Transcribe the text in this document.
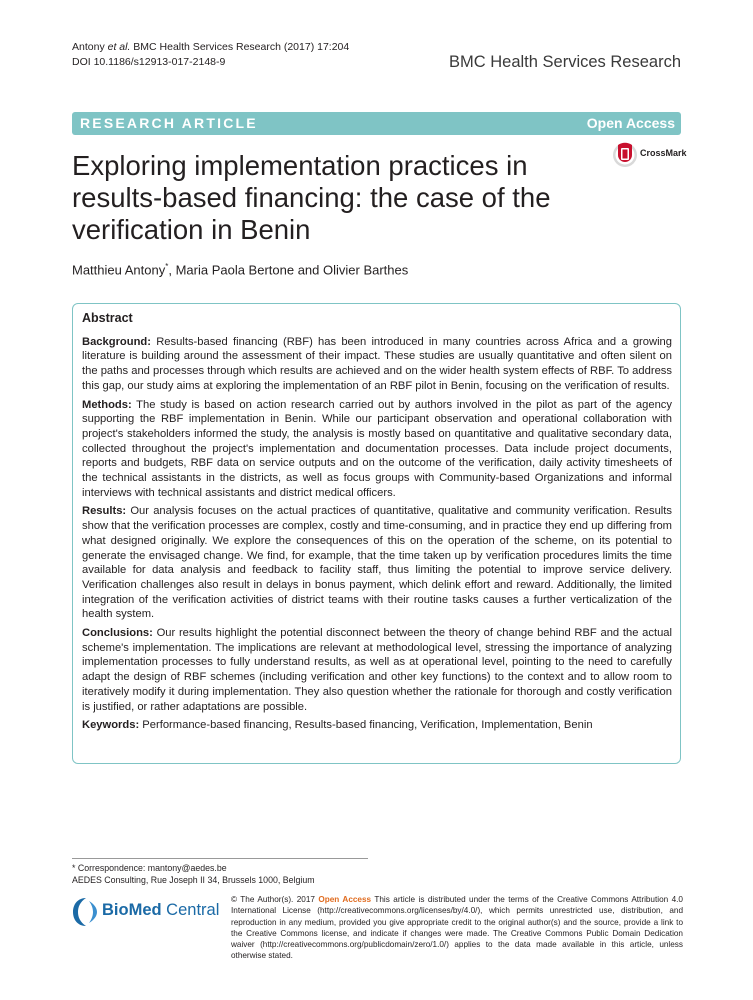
Antony et al. BMC Health Services Research (2017) 17:204
DOI 10.1186/s12913-017-2148-9	BMC Health Services Research
RESEARCH ARTICLE	Open Access
Exploring implementation practices in results-based financing: the case of the verification in Benin
CrossMark
Matthieu Antony*, Maria Paola Bertone and Olivier Barthes
Abstract

Background: Results-based financing (RBF) has been introduced in many countries across Africa and a growing literature is building around the assessment of their impact. These studies are usually quantitative and often silent on the paths and processes through which results are achieved and on the wider health system effects of RBF. To address this gap, our study aims at exploring the implementation of an RBF pilot in Benin, focusing on the verification of results.

Methods: The study is based on action research carried out by authors involved in the pilot as part of the agency supporting the RBF implementation in Benin. While our participant observation and operational collaboration with project's stakeholders informed the study, the analysis is mostly based on quantitative and qualitative secondary data, collected throughout the project's implementation and documentation processes. Data include project documents, reports and budgets, RBF data on service outputs and on the outcome of the verification, daily activity timesheets of the technical assistants in the districts, as well as focus groups with Community-based Organizations and informal interviews with technical assistants and district medical officers.

Results: Our analysis focuses on the actual practices of quantitative, qualitative and community verification. Results show that the verification processes are complex, costly and time-consuming, and in practice they end up differing from what designed originally. We explore the consequences of this on the operation of the scheme, on its potential to generate the envisaged change. We find, for example, that the time taken up by verification procedures limits the time available for data analysis and feedback to facility staff, thus limiting the potential to improve service delivery. Verification challenges also result in delays in bonus payment, which delink effort and reward. Additionally, the limited integration of the verification activities of district teams with their routine tasks causes a further verticalization of the health system.

Conclusions: Our results highlight the potential disconnect between the theory of change behind RBF and the actual scheme's implementation. The implications are relevant at methodological level, stressing the importance of analyzing implementation processes to fully understand results, as well as at operational level, pointing to the need to carefully adapt the design of RBF schemes (including verification and other key functions) to the context and to allow room to iteratively modify it during implementation. They also question whether the rationale for thorough and costly verification is justified, or rather adaptations are possible.

Keywords: Performance-based financing, Results-based financing, Verification, Implementation, Benin

* Correspondence: mantony@aedes.be
AEDES Consulting, Rue Joseph II 34, Brussels 1000, Belgium
BioMed Central
© The Author(s). 2017 Open Access This article is distributed under the terms of the Creative Commons Attribution 4.0 International License (http://creativecommons.org/licenses/by/4.0/), which permits unrestricted use, distribution, and reproduction in any medium, provided you give appropriate credit to the original author(s) and the source, provide a link to the Creative Commons license, and indicate if changes were made. The Creative Commons Public Domain Dedication waiver (http://creativecommons.org/publicdomain/zero/1.0/) applies to the data made available in this article, unless otherwise stated.
